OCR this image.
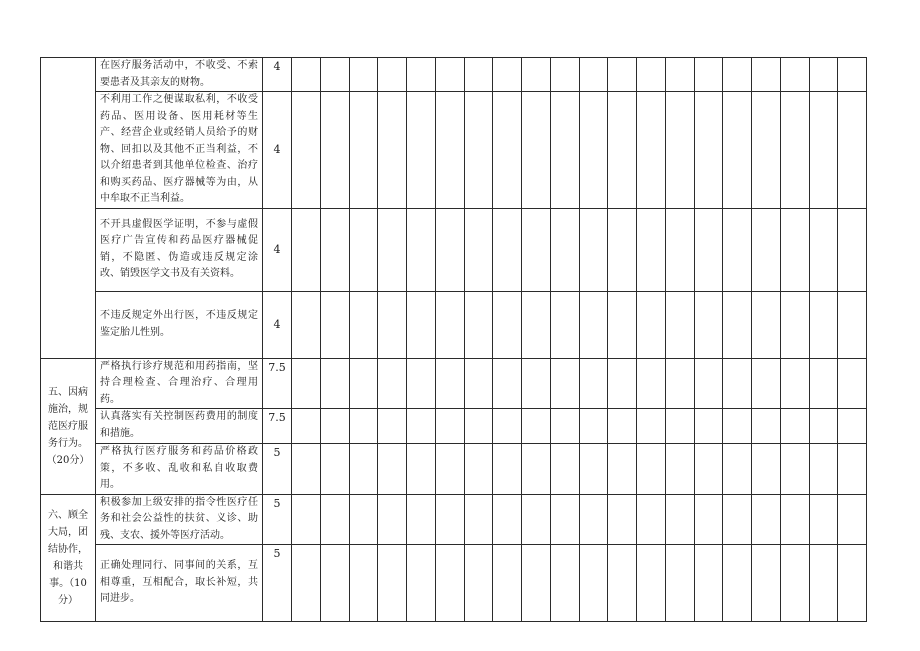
	在医疗服务活动中，不收受、不索要患者及其亲友的财物。	4																				
	不利用工作之便谋取私利，不收受药品、医用设备、医用耗材等生产、经营企业或经销人员给予的财物、回扣以及其他不正当利益，不以介绍患者到其他单位检查、治疗和购买药品、医疗器械等为由，从中牟取不正当利益。	4																				
	不开具虚假医学证明，不参与虚假医疗广告宣传和药品医疗器械促销，不隐匿、伪造或违反规定涂改、销毁医学文书及有关资料。	4																				
	不违反规定外出行医，不违反规定鉴定胎儿性别。	4																				
五、因病施治，规范医疗服务行为。（20分）	严格执行诊疗规范和用药指南，坚持合理检查、合理治疗、合理用药。	7.5																				
	认真落实有关控制医药费用的制度和措施。	7.5																				
	严格执行医疗服务和药品价格政策，不多收、乱收和私自收取费用。	5																				
六、顾全大局，团结协作，和谐共事。（10分）	积极参加上级安排的指令性医疗任务和社会公益性的扶贫、义诊、助残、支农、援外等医疗活动。	5																				
	正确处理同行、同事间的关系，互相尊重，互相配合，取长补短，共同进步。	5																				
